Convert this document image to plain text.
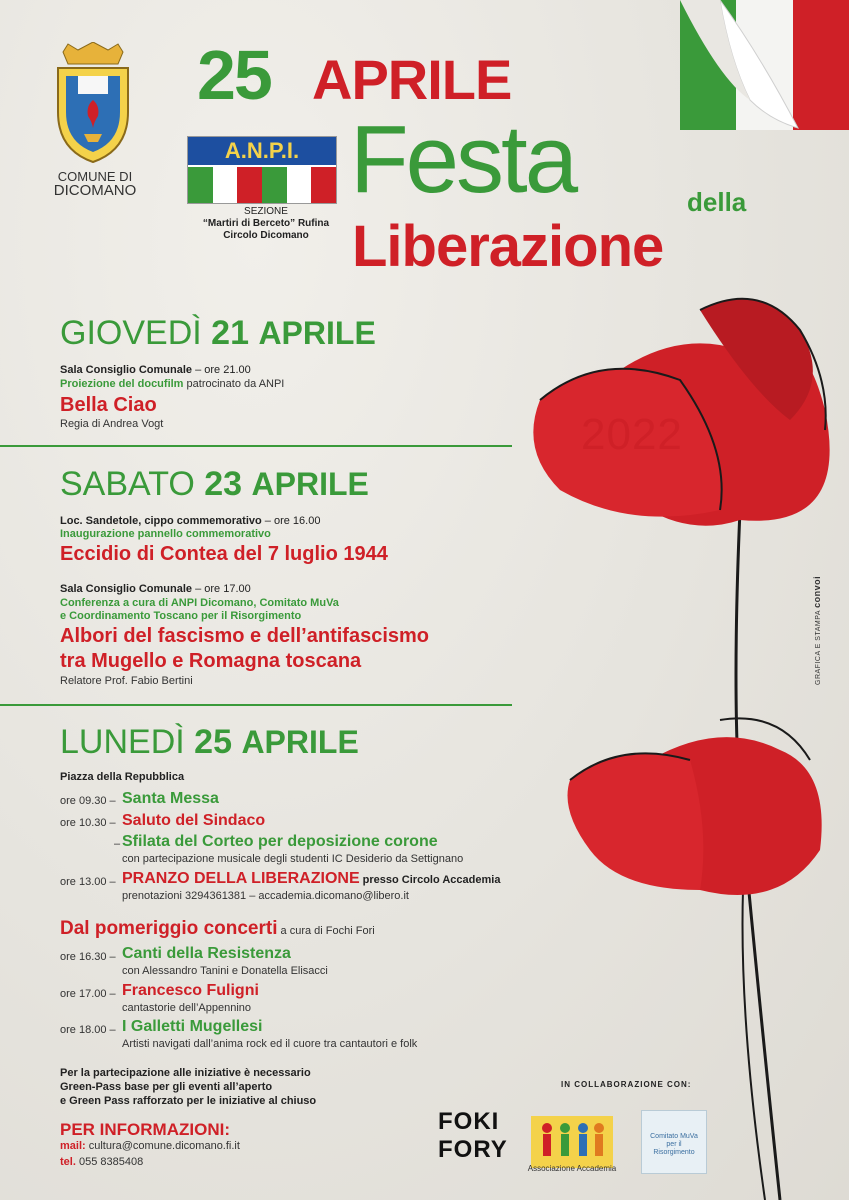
COMUNE DI
DICOMANO
A.N.P.I.
SEZIONE
“Martiri di Berceto” Rufina
Circolo Dicomano
25 APRILE
Festa	della
Liberazione
2022
GRAFICA E STAMPA convoi
GIOVEDÌ 21 APRILE
Sala Consiglio Comunale – ore 21.00
Proiezione del docufilm patrocinato da ANPI
Bella Ciao
Regia di Andrea Vogt
SABATO 23 APRILE
Loc. Sandetole, cippo commemorativo – ore 16.00
Inaugurazione pannello commemorativo
Eccidio di Contea del 7 luglio 1944
Sala Consiglio Comunale – ore 17.00
Conferenza a cura di ANPI Dicomano, Comitato MuVa
e Coordinamento Toscano per il Risorgimento
Albori del fascismo e dell’antifascismo
tra Mugello e Romagna toscana
Relatore Prof. Fabio Bertini
LUNEDÌ 25 APRILE
Piazza della Repubblica
ore 09.30 – Santa Messa
ore 10.30 – Saluto del Sindaco
– Sfilata del Corteo per deposizione corone
con partecipazione musicale degli studenti IC Desiderio da Settignano
ore 13.00 – PRANZO DELLA LIBERAZIONE presso Circolo Accademia
prenotazioni 3294361381 – accademia.dicomano@libero.it
Dal pomeriggio concerti a cura di Fochi Fori
ore 16.30 – Canti della Resistenza
con Alessandro Tanini e Donatella Elisacci
ore 17.00 – Francesco Fuligni
cantastorie dell’Appennino
ore 18.00 – I Galletti Mugellesi
Artisti navigati dall’anima rock ed il cuore tra cantautori e folk
Per la partecipazione alle iniziative è necessario
Green-Pass base per gli eventi all’aperto
e Green Pass rafforzato per le iniziative al chiuso
PER INFORMAZIONI:
mail: cultura@comune.dicomano.fi.it
tel. 055 8385408
IN COLLABORAZIONE CON:
FOKI
FORY
Associazione Accademia
Comitato MuVa per il Risorgimento
